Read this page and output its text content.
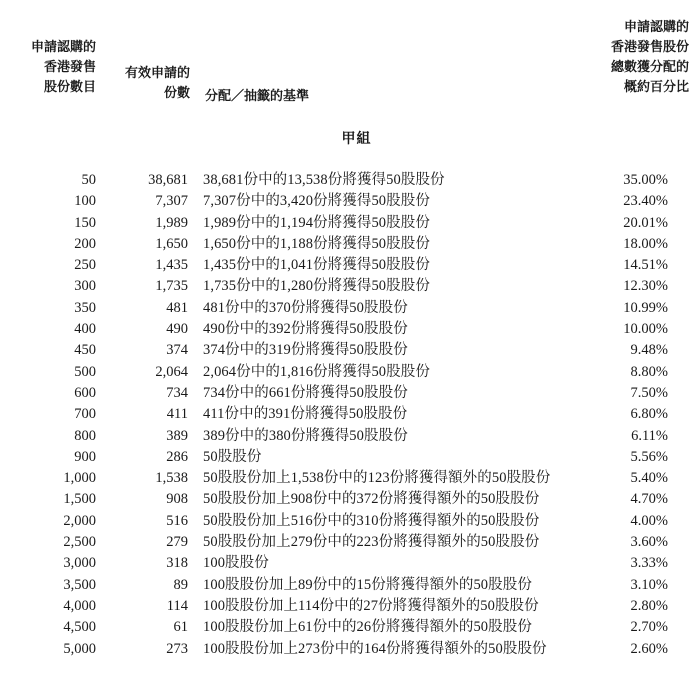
申請認購的
香港發售
股份數目
有效申請的
份數 分配／抽籤的基準
申請認購的
香港發售股份
總數獲分配的
概約百分比
甲組
50	38,681 38,681份中的13,538份將獲得50股股份	35.00%
100	7,307 7,307份中的3,420份將獲得50股股份	23.40%
150	1,989 1,989份中的1,194份將獲得50股股份	20.01%
200	1,650 1,650份中的1,188份將獲得50股股份	18.00%
250	1,435 1,435份中的1,041份將獲得50股股份	14.51%
300	1,735 1,735份中的1,280份將獲得50股股份	12.30%
350	481 481份中的370份將獲得50股股份	10.99%
400	490 490份中的392份將獲得50股股份	10.00%
450	374 374份中的319份將獲得50股股份	9.48%
500	2,064 2,064份中的1,816份將獲得50股股份	8.80%
600	734 734份中的661份將獲得50股股份	7.50%
700	411 411份中的391份將獲得50股股份	6.80%
800	389 389份中的380份將獲得50股股份	6.11%
900	286 50股股份	5.56%
1,000	1,538 50股股份加上1,538份中的123份將獲得額外的50股股份	5.40%
1,500	908 50股股份加上908份中的372份將獲得額外的50股股份	4.70%
2,000	516 50股股份加上516份中的310份將獲得額外的50股股份	4.00%
2,500	279 50股股份加上279份中的223份將獲得額外的50股股份	3.60%
3,000	318 100股股份	3.33%
3,500	89 100股股份加上89份中的15份將獲得額外的50股股份	3.10%
4,000	114 100股股份加上114份中的27份將獲得額外的50股股份	2.80%
4,500	61 100股股份加上61份中的26份將獲得額外的50股股份	2.70%
5,000	273 100股股份加上273份中的164份將獲得額外的50股股份	2.60%
